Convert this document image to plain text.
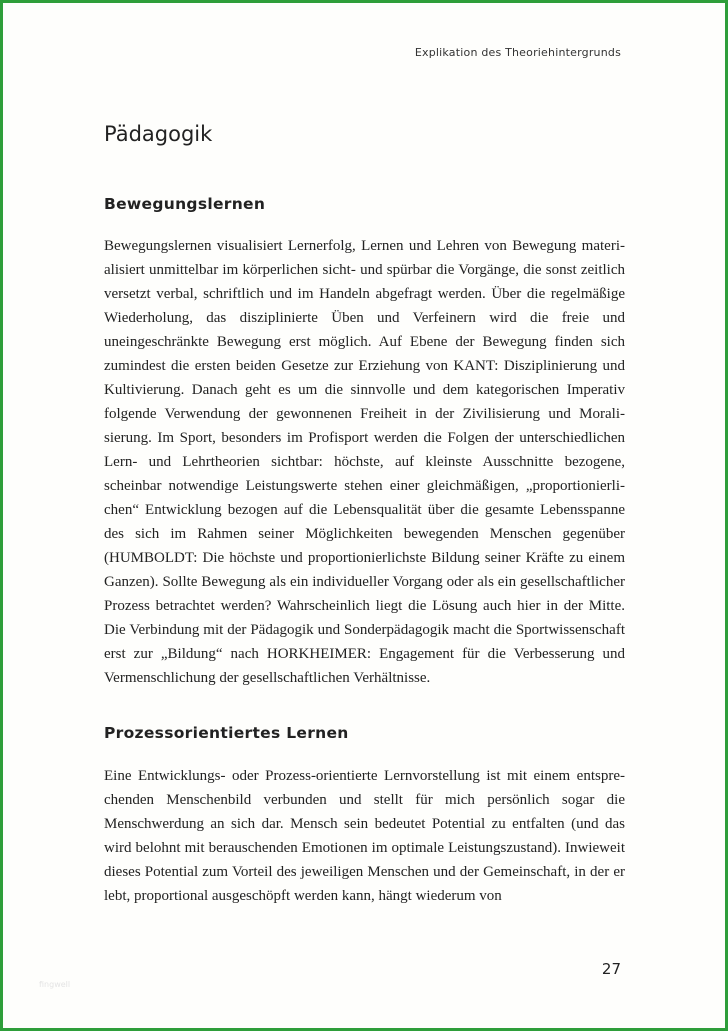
Explikation des Theoriehintergrunds
Pädagogik
Bewegungslernen

Bewegungslernen visualisiert Lernerfolg, Lernen und Lehren von Bewegung materialisiert unmittelbar im körperlichen sicht- und spürbar die Vorgänge, die sonst zeitlich versetzt verbal, schriftlich und im Handeln abgefragt werden. Über die regelmäßige Wiederholung, das disziplinierte Üben und Verfeinern wird die freie und uneingeschränkte Bewegung erst möglich. Auf Ebene der Bewegung finden sich zumindest die ersten beiden Gesetze zur Erziehung von KANT: Disziplinierung und Kultivierung. Danach geht es um die sinnvolle und dem kategorischen Imperativ folgende Verwendung der gewonnenen Freiheit in der Zivilisierung und Moralisierung. Im Sport, besonders im Profisport werden die Folgen der unterschiedlichen Lern- und Lehrtheorien sichtbar: höchste, auf kleinste Ausschnitte bezogene, scheinbar notwendige Leistungswerte stehen einer gleichmäßigen, „proportionierlichen“ Entwicklung bezogen auf die Lebensqualität über die gesamte Lebensspanne des sich im Rahmen seiner Möglichkeiten bewegenden Menschen gegenüber (HUMBOLDT: Die höchste und proportionierlichste Bildung seiner Kräfte zu einem Ganzen). Sollte Bewegung als ein individueller Vorgang oder als ein gesellschaftlicher Prozess betrachtet werden? Wahrscheinlich liegt die Lösung auch hier in der Mitte. Die Verbindung mit der Pädagogik und Sonderpädagogik macht die Sportwissenschaft erst zur „Bildung“ nach HORKHEIMER: Engagement für die Verbesserung und Vermenschlichung der gesellschaftlichen Verhältnisse.

Prozessorientiertes Lernen

Eine Entwicklungs- oder Prozess-orientierte Lernvorstellung ist mit einem entsprechenden Menschenbild verbunden und stellt für mich persönlich sogar die Menschwerdung an sich dar. Mensch sein bedeutet Potential zu entfalten (und das wird belohnt mit berauschenden Emotionen im optimale Leistungszustand). Inwieweit dieses Potential zum Vorteil des jeweiligen Menschen und der Gemeinschaft, in der er lebt, proportional ausgeschöpft werden kann, hängt wiederum von

27
fingwell
